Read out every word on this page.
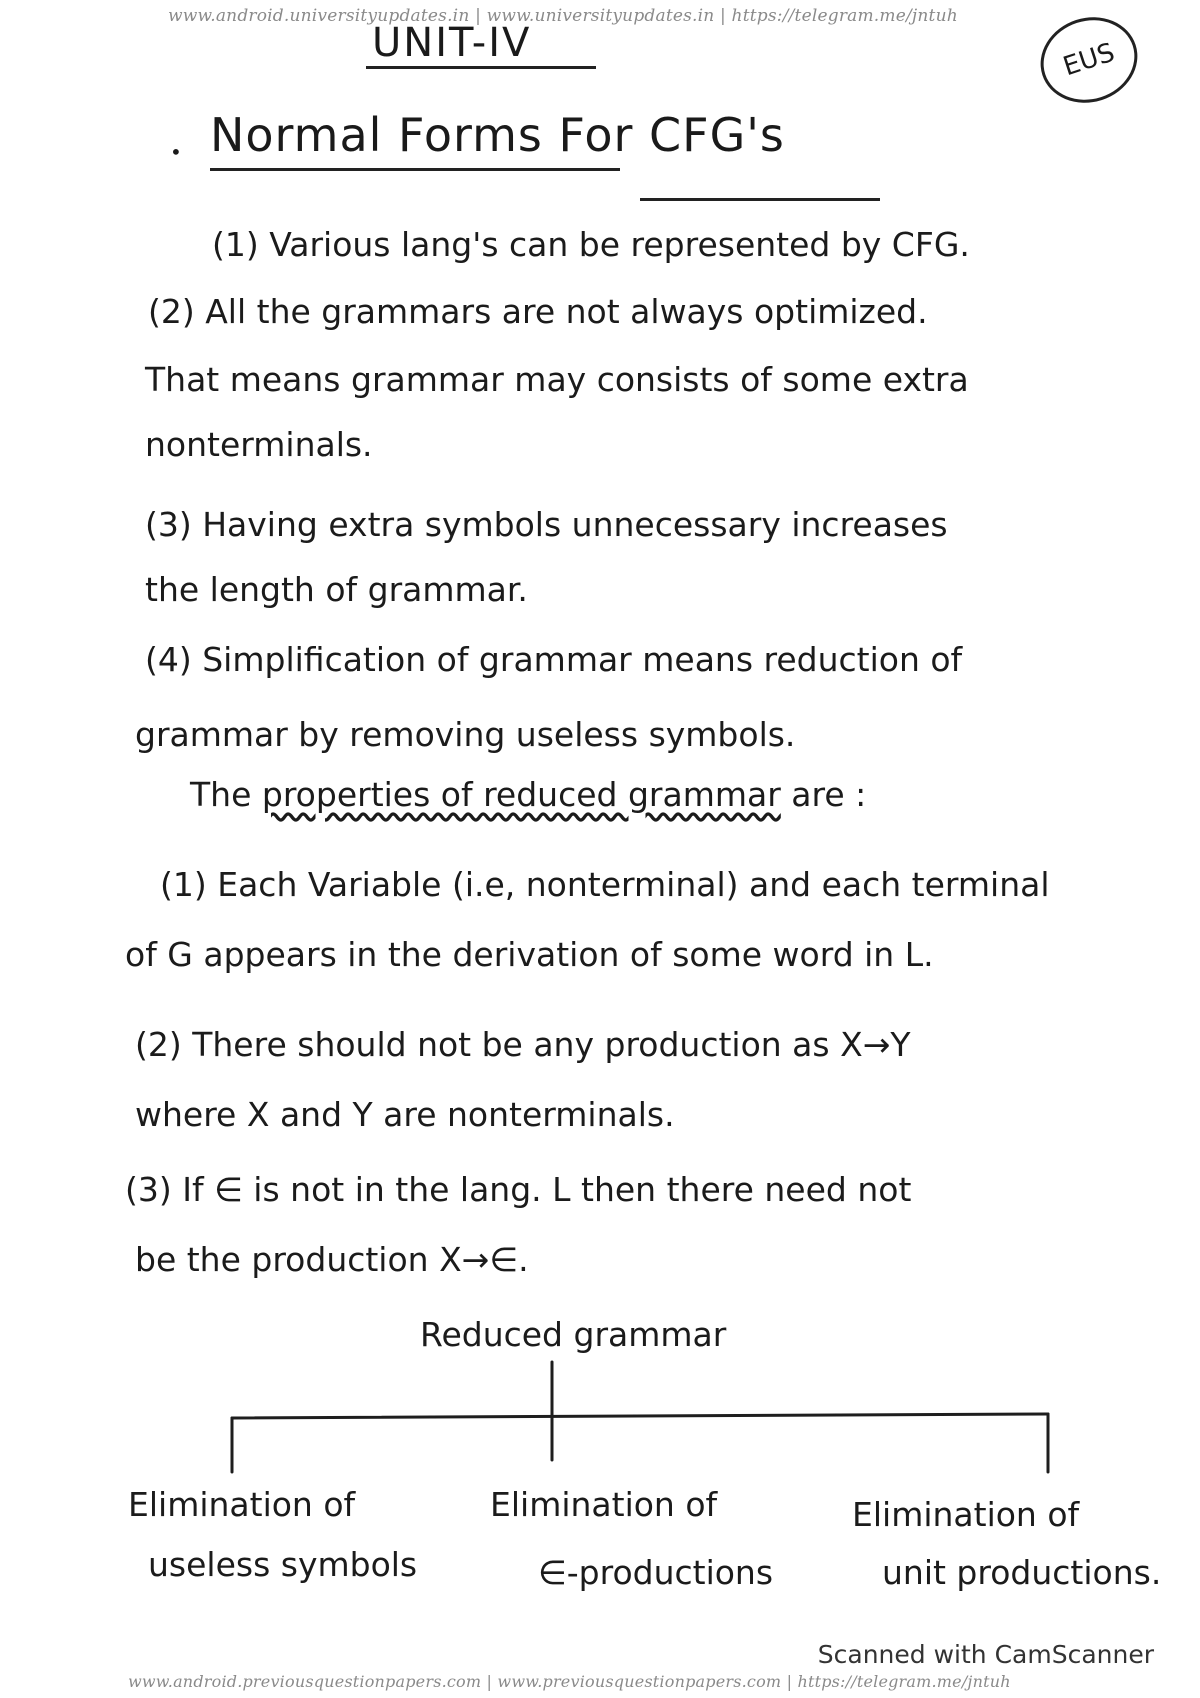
www.android.universityupdates.in | www.universityupdates.in | https://telegram.me/jntuh
UNIT-IV	EUS
• Normal Forms For CFG's
(1) Various lang's can be represented by CFG.
(2) All the grammars are not always optimized.
That means grammar may consists of some extra
nonterminals.
(3) Having extra symbols unnecessary increases
the length of grammar.
(4) Simplification of grammar means reduction of
grammar by removing useless symbols.
The properties of reduced grammar are :
(1) Each Variable (i.e, nonterminal) and each terminal
of G appears in the derivation of some word in L.
(2) There should not be any production as X→Y
where X and Y are nonterminals.
(3) If ∈ is not in the lang. L then there need not
be the production X→∈.
Reduced grammar
Elimination of
useless symbols
Elimination of
∈-productions
Elimination of
unit productions.
Scanned with CamScanner
www.android.previousquestionpapers.com | www.previousquestionpapers.com | https://telegram.me/jntuh
